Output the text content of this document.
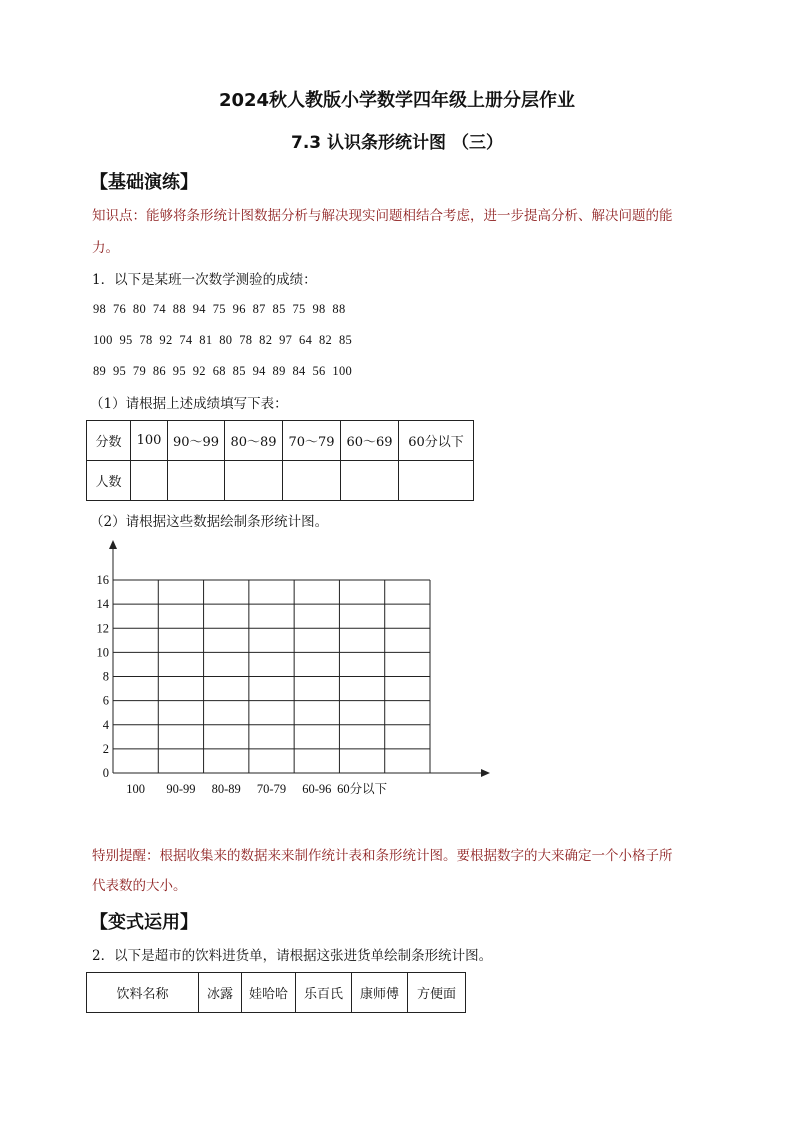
2024秋人教版小学数学四年级上册分层作业
7.3 认识条形统计图 （三）
【基础演练】
知识点：能够将条形统计图数据分析与解决现实问题相结合考虑，进一步提高分析、解决问题的能
力。
1．以下是某班一次数学测验的成绩：
98  76  80  74  88  94  75  96  87  85  75  98  88
100  95  78  92  74  81  80  78  82  97  64  82  85
89  95  79  86  95  92  68  85  94  89  84  56  100
（1）请根据上述成绩填写下表：
分数	100	90～99	80～89	70～79	60～69	60分以下
人数						
（2）请根据这些数据绘制条形统计图。
0
2
4
6
8
10
12
14
16
100 90-99 80-89 70-79 60-96 60分以下
特别提醒：根据收集来的数据来来制作统计表和条形统计图。要根据数字的大来确定一个小格子所
代表数的大小。
【变式运用】
2．以下是超市的饮料进货单，请根据这张进货单绘制条形统计图。
饮料名称	冰露	娃哈哈	乐百氏	康师傅	方便面
